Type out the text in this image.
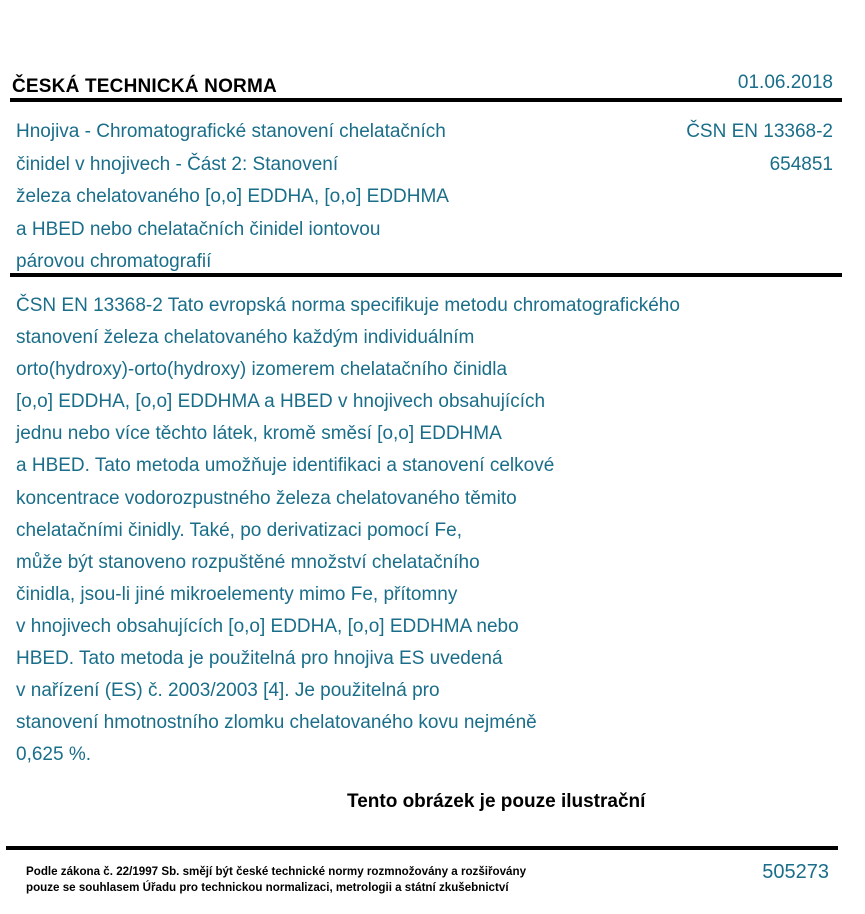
ČESKÁ TECHNICKÁ NORMA	01.06.2018
Hnojiva - Chromatografické stanovení chelatačních
činidel v hnojivech - Část 2: Stanovení
železa chelatovaného [o,o] EDDHA, [o,o] EDDHMA
a HBED nebo chelatačních činidel iontovou
párovou chromatografií
ČSN EN 13368-2
654851
ČSN EN 13368-2 Tato evropská norma specifikuje metodu chromatografického
stanovení železa chelatovaného každým individuálním
orto(hydroxy)-orto(hydroxy) izomerem chelatačního činidla
[o,o] EDDHA, [o,o] EDDHMA a HBED v hnojivech obsahujících
jednu nebo více těchto látek, kromě směsí [o,o] EDDHMA
a HBED. Tato metoda umožňuje identifikaci a stanovení celkové
koncentrace vodorozpustného železa chelatovaného těmito
chelatačními činidly. Také, po derivatizaci pomocí Fe,
může být stanoveno rozpuštěné množství chelatačního
činidla, jsou-li jiné mikroelementy mimo Fe, přítomny
v hnojivech obsahujících [o,o] EDDHA, [o,o] EDDHMA nebo
HBED. Tato metoda je použitelná pro hnojiva ES uvedená
v nařízení (ES) č. 2003/2003 [4]. Je použitelná pro
stanovení hmotnostního zlomku chelatovaného kovu nejméně
0,625 %.
Tento obrázek je pouze ilustrační
Podle zákona č. 22/1997 Sb. smějí být české technické normy rozmnožovány a rozšiřovány
pouze se souhlasem Úřadu pro technickou normalizaci, metrologii a státní zkušebnictví
505273
